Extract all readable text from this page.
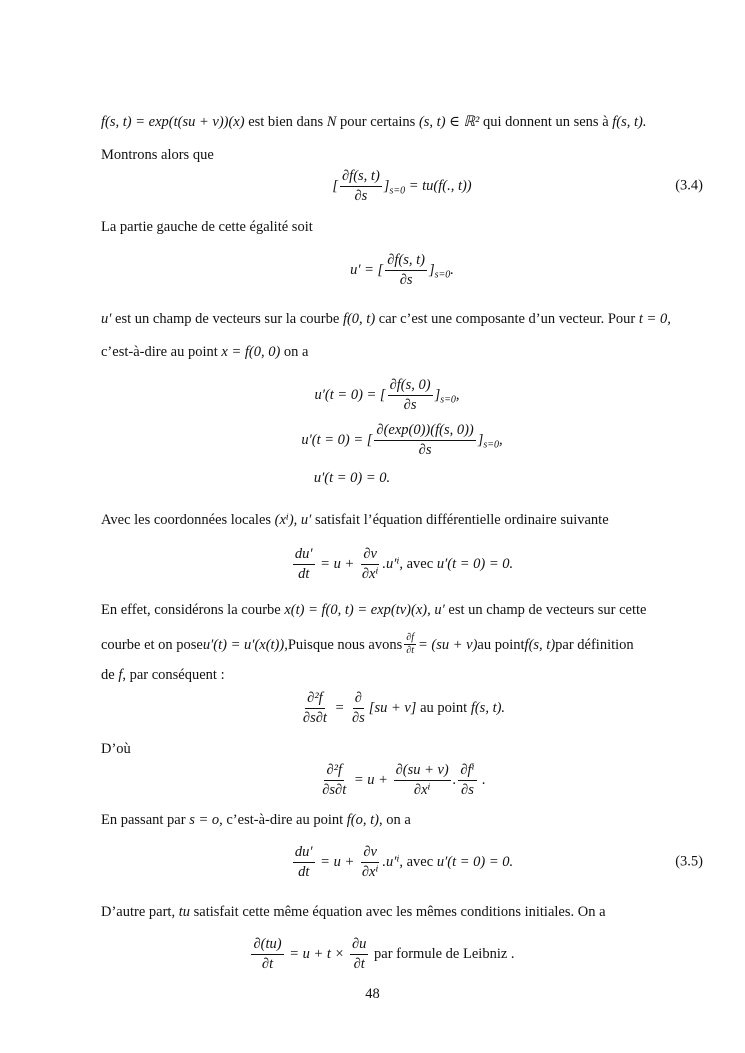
f(s, t) = exp(t(su + v))(x) est bien dans N pour certains (s, t) ∈ ℝ² qui donnent un sens à f(s, t).
Montrons alors que
[ $\frac{\partial f(s, t)}{\partial s} ]_{s=0} = tu(f$(., t))	(3.4)
La partie gauche de cette égalité soit
u′ = [ $\frac{\partial f(s, t)}{\partial s} ]_{s=0}$.
u′ est un champ de vecteurs sur la courbe f(0, t) car c’est une composante d’un vecteur. Pour t = 0,
c’est-à-dire au point x = f(0, 0) on a
u′(t = 0) = [ $\frac{\partial f(s, 0)}{\partial s} ]_{s=0}$,
u′(t = 0) = [ $\frac{\partial(\exp(0))(f(s, 0))}{\partial s} ]_{s=0}$,
u′(t = 0) = 0.
Avec les coordonnées locales (xⁱ), u′ satisfait l’équation différentielle ordinaire suivante
$\frac{du'}{dt} = u + \frac{\partial v}{\text{∂xⁱ}} .u'^i$, avec u′(t = 0) = 0.
En effet, considérons la courbe x(t) = f(0, t) = exp(tv)(x), u′ est un champ de vecteurs sur cette
courbe et on pose u′(t) = u′(x(t)), Puisque nous avons $\frac{\partial f}{\partial t} = (su + v)$ au point f(s, t) par définition
de f, par conséquent :
$\frac{\text{∂²f}}{\partial s\partial t} = \frac{\partial}{\partial s} [su + v]$ au point f(s, t).
D’où
$\frac{\text{∂²f}}{\partial s\partial t} = u + \frac{\partial(su + v)}{\text{∂xⁱ}}$ . $\frac{\text{∂fⁱ}}{\partial s}$ .
En passant par s = o, c’est-à-dire au point f(o, t), on a
$\frac{du'}{dt} = u + \frac{\partial v}{\text{∂xⁱ}} .u'^i$, avec u′(t = 0) = 0.	(3.5)
D’autre part, tu satisfait cette même équation avec les mêmes conditions initiales. On a
$\frac{\partial(tu)}{\partial t} = u + t \times \frac{\partial u}{\partial t}$ par formule de Leibniz .
48
